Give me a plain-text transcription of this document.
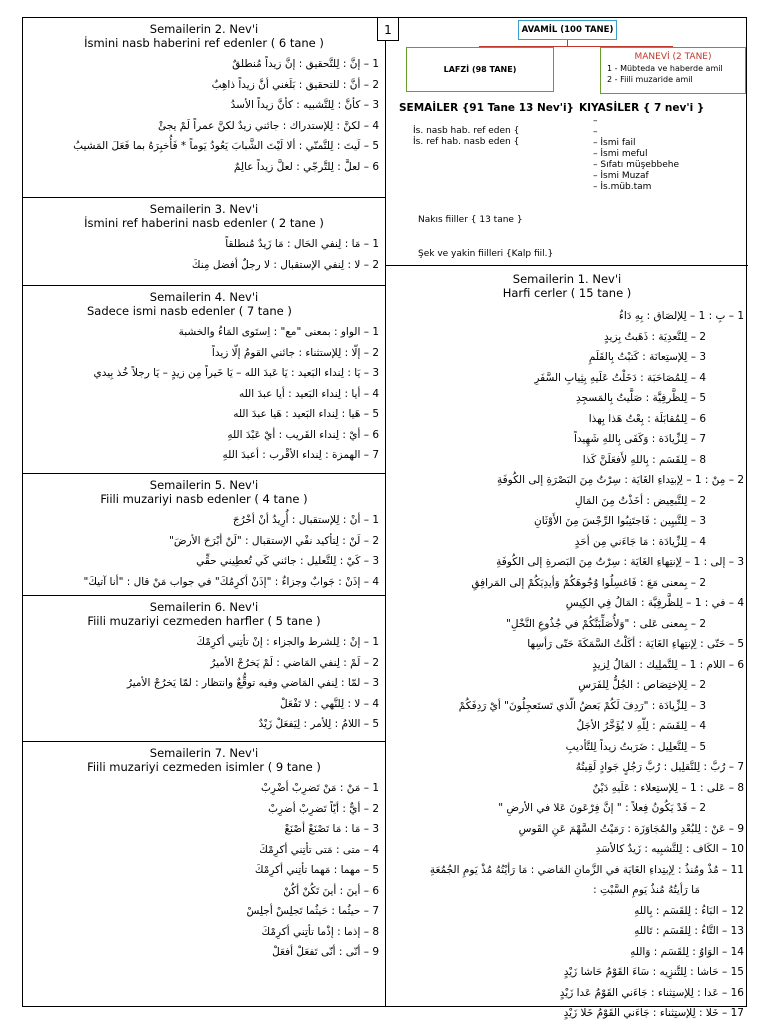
1
Semailerin 2. Nev'i
İsmini nasb haberini ref edenler ( 6 tane )
1 – إنَّ : لِلتَّحقيق : إنَّ زيداً مُنطلقٌ
2 – أنَّ : للتحقيق : بَلَغني أنَّ زيداً ذاهِبٌ
3 – كأنَّ : لِلتَّشبيه : كأنَّ زيداً الأسدُ
4 – لكنَّ : لِلإستدراك : جائني زيدٌ لكنَّ عمراً لَمْ يجئْ
5 – لَيتَ : لِلتَّمنّي : ألا لَيْتَ الشَّبابَ يَعُودُ يَوماً * فَأُخبِرَهُ بما فَعَلَ المَشيبُ
6 – لعلَّ : لِلتَّرجّي : لعلَّ زيداً عالِمٌ
Semailerin 3. Nev'i
İsmini ref haberini nasb edenler ( 2 tane )
1 – مَا : لِنفي الحَال : مَا زَيدٌ مُنطلقاً
2 – لا : لِنفي الإستقبال : لا رجلٌ أفضل مِنكَ
Semailerin 4. Nev'i
Sadece ismi nasb edenler ( 7 tane )
1 – الواو : بمعنى "مع" : اِستَوى المَاءُ والخشبة
2 – إلّا : لِلإستثناء : جائني القومُ إلّا زيداً
3 – يَا : لِنداء البَعيد : يَا عَبدَ الله – يَا خَيراً مِن زيدٍ – يَا رجلاً خُذ بِيدي
4 – أيا : لِنداء البَعيد : أيا عبدَ الله
5 – هَيا : لِنداء البَعيد : هَيا عبدَ الله
6 – أيْ : لِنداء القَريب : أيْ عَبْدَ اللهِ
7 – الهمزة : لِنداء الأقْرب : أعبدَ اللهِ
Semailerin 5. Nev'i
Fiili muzariyi nasb edenler ( 4 tane )
1 – أنْ : لِلإستقبال : أُرِيدُ أنْ أخْرُجَ
2 – لَنْ : لِتأكيد نفْي الإستقبال : "لَنْ أبْرَحَ الأرضَ"
3 – كَيْ : لِلتَّعليل : جائني كَي تُعطِيني حقِّي
4 – إذَنْ : جَوابٌ وجزاءٌ : "إذَنْ أكرِمُكَ" في جواب مَنْ قال : "أنا آتيكَ"
Semailerin 6. Nev'i
Fiili muzariyi cezmeden harfler ( 5 tane )
1 – إنْ : لِلشرط والجزاء : إنْ تأتِني أكرِمْكَ
2 – لَمْ : لِنفي المَاضي : لَمْ يَخرُجْ الأميرُ
3 – لمّا : لِنفي المَاضي وفيه توقُّعٌ وانتظار : لمّا يَخرُجْ الأميرُ
4 – لا : لِلنَّهي : لا تَفْعَلْ
5 – اللامُ : لِلأمر : لِيَفعَلْ زَيْدٌ
Semailerin 7. Nev'i
Fiili muzariyi cezmeden isimler ( 9 tane )
1 – مَنْ : مَنْ تَضرِبْ أضْرِبْ
2 – أيٌّ : أيّاً تَضرِبْ أضرِبْ
3 – مَا : مَا تَصْنَعْ أصْنَعْ
4 – متى : مَتى تأتِني أكرِمْكَ
5 – مهما : مَهما تأتِني أكرِمْكَ
6 – أينَ : أينَ تَكُنْ أكُنْ
7 – حيثُما : حَيثُما تَجلِسْ أجلِسْ
8 – إذما : إذْما تأتِني أكرِمْكَ
9 – أنّى : أنّى تَفعَلْ أفعَلْ
AVAMİL (100 TANE)
LAFZİ (98 TANE)
MANEVİ (2 TANE)
1 - Mübteda ve haberde amil
2 - Fiili muzaride amil
SEMAİLER {91 Tane 13 Nev'i} KIYASİLER { 7 nev'i }
İs. nasb hab. ref eden {
İs. ref hab. nasb eden {
–
–
– İsmi fail
– İsmi meful
– Sıfatı müşebbehe
– İsmi Muzaf
– İs.müb.tam
Nakıs fiiller { 13 tane }
Şek ve yakin fiilleri {Kalp fiil.}
Semailerin 1. Nev'i
Harfi cerler ( 15 tane )
1 – بِ : 1 – لِلإلصَاق : بِهِ دَاءٌ
2 – لِلتَّعدِيَة : ذَهَبتُ بِزيدٍ
3 – لِلإستِعانَة : كَتبْتُ بِالقَلَمِ
4 – لِلمُصَاحَبَة : دَخَلْتُ عَلَيهِ بِثِيابِ السَّفَرِ
5 – لِلظَّرفِيَّة : صَلَّيتُ بِالمَسجِدِ
6 – لِلمُقابَلَة : بِعْتُ هَذا بِهذا
7 – لِلزِّيادَة : وَكَفَى بِاللهِ شَهِيداً
8 – لِلقَسَم : بِاللهِ لأَفعَلَنَّ كَذا
2 – مِنْ : 1 – لِإبتِداءِ الغَايَة : سِرْتُ مِنَ البَصْرَةِ إلى الكُوفَةِ
2 – لِلتَّبعِيض : أخَذْتُ مِنَ المَالِ
3 – لِلتَّبيِين : فَاجتَنِبُوا الرِّجْسَ مِنَ الأَوْثَانِ
4 – لِلزِّيادَة : مَا جَاءَني مِن أحَدٍ
3 – إلى : 1 – لِإنتِهاءِ الغَايَة : سِرْتُ مِنَ البَصرةِ إلى الكُوفَةِ
2 – بِمعنى مَعَ : فَاغسِلُوا وُجُوهَكُمْ وَأيدِيَكُمْ إلى المَرافِقِ
4 – في : 1 – لِلظَّرفِيَّة : المَالُ فِي الكِيسِ
2 – بِمعنى عَلى : "وَلأُصَلِّبَنَّكُمْ في جُذُوعِ النَّخْلِ"
5 – حَتّى : لِإنتِهاءِ الغَايَة : أكَلْتُ السَّمَكَةَ حَتّى رَأسِها
6 – اللام : 1 – لِلتَّملِيك : المَالُ لِزيدٍ
2 – لِلإختِصَاص : الجُلُّ لِلفَرَسِ
3 – لِلزِّيادَة : "رَدِفَ لَكُمْ بَعضُ الّذي تَستَعجِلُونَ" أيْ رَدِفَكُمْ
4 – لِلقَسَم : لِلّهِ لا يُؤَخَّرُ الأجَلُ
5 – لِلتَّعلِيل : ضَرَبتُ زيداً لِلتَّأديبِ
7 – رُبَّ : لِلتَّقلِيل : رُبَّ رَجُلٍ جَوادٍ لَقِيتُهُ
8 – عَلى : 1 – لِلإستِعلاء : عَلَيهِ دَيْنٌ
2 – قَدْ يَكُونُ فِعلاً : " إنَّ فِرْعَونَ عَلا في الأرضِ "
9 – عَنْ : لِلبُعْدِ والمُجَاوَزَة : رَمَيْتُ السَّهْمَ عَنِ القَوسِ
10 – الكَاف : لِلتَّشبِيه : زَيدٌ كالأسَدِ
11 – مُذْ ومُنذُ : لِإبتِداءِ الغَايَة في الزَّمانِ المَاضي : مَا رَأيْتُهُ مُذْ يَومِ الجُمُعَةِ
مَا رَأيتُهُ مُنذُ يَومِ السَّبْتِ :
12 – البَاءُ : لِلقَسَم : بِاللهِ
13 – التَّاءُ : لِلقَسَم : تَاللهِ
14 – الوَاوُ : لِلقَسَم : وَاللهِ
15 – حَاشا : لِلتَّنزِيه : سَاءَ القَوْمُ حَاشا زَيْدٍ
16 – عَدا : لِلإستِثناء : جَاءَني القَوْمُ عَدا زَيْدٍ
17 – خَلا : لِلإستِثناء : جَاءَني القَوْمُ خَلا زَيْدٍ
